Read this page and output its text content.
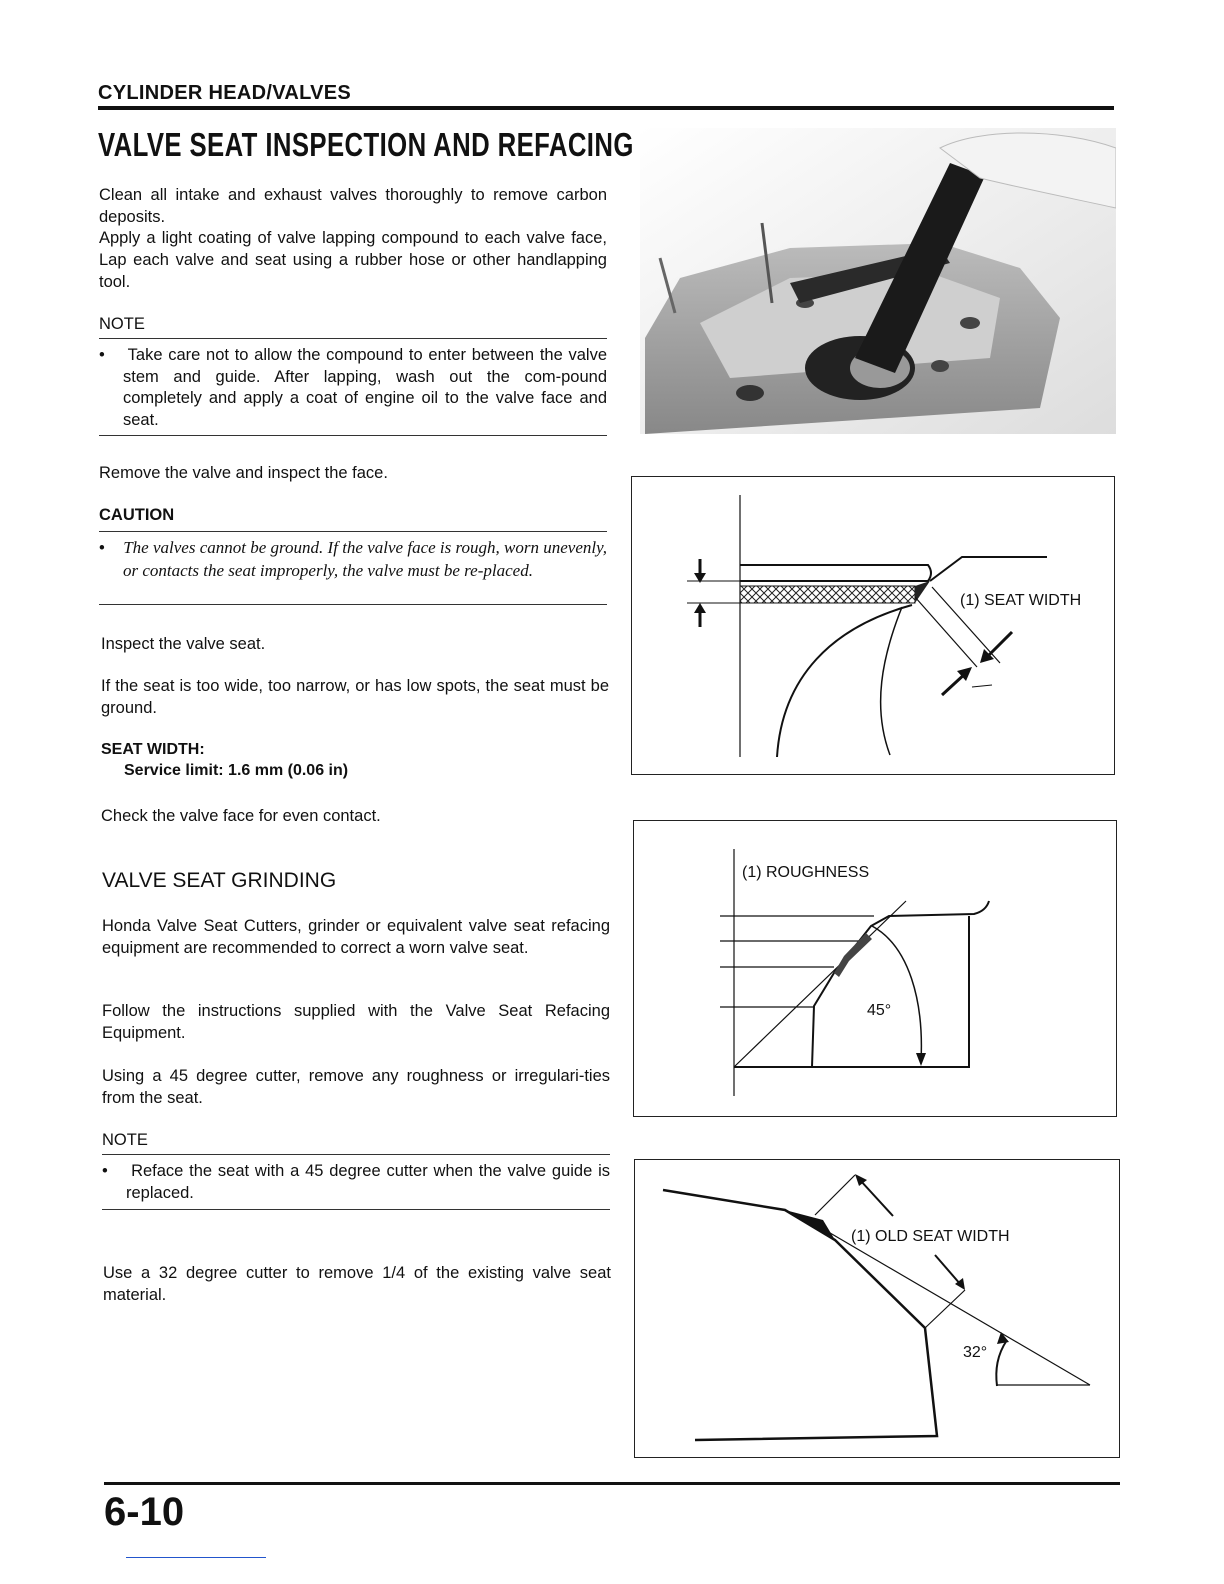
CYLINDER HEAD/VALVES
VALVE SEAT INSPECTION AND REFACING
Clean all intake and exhaust valves thoroughly to remove carbon deposits.
Apply a light coating of valve lapping compound to each valve face, Lap each valve and seat using a rubber hose or other handlapping tool.
NOTE
•    Take care not to allow the compound to enter between the valve stem and guide. After lapping, wash out the com-pound completely and apply a coat of engine oil to the valve face and seat.
Remove the valve and inspect the face.
CAUTION
•    The valves cannot be ground. If the valve face is rough, worn unevenly, or contacts the seat improperly, the valve must be re-placed.
Inspect the valve seat.
If the seat is too wide, too narrow, or has low spots, the seat must be ground.
SEAT WIDTH:
Service limit: 1.6 mm (0.06 in)
Check the valve face for even contact.
VALVE SEAT GRINDING
Honda Valve Seat Cutters, grinder or equivalent valve seat refacing equipment are recommended to correct a worn valve seat.
Follow the instructions supplied with the Valve Seat Refacing Equipment.
Using a 45 degree cutter, remove any roughness or irregulari-ties from the seat.
NOTE
•    Reface the seat with a 45 degree cutter when the valve guide is replaced.
Use a 32 degree cutter to remove 1/4 of the existing valve seat material.
(1) SEAT WIDTH
(1) ROUGHNESS
45°
(1) OLD SEAT WIDTH
32°
6-10
